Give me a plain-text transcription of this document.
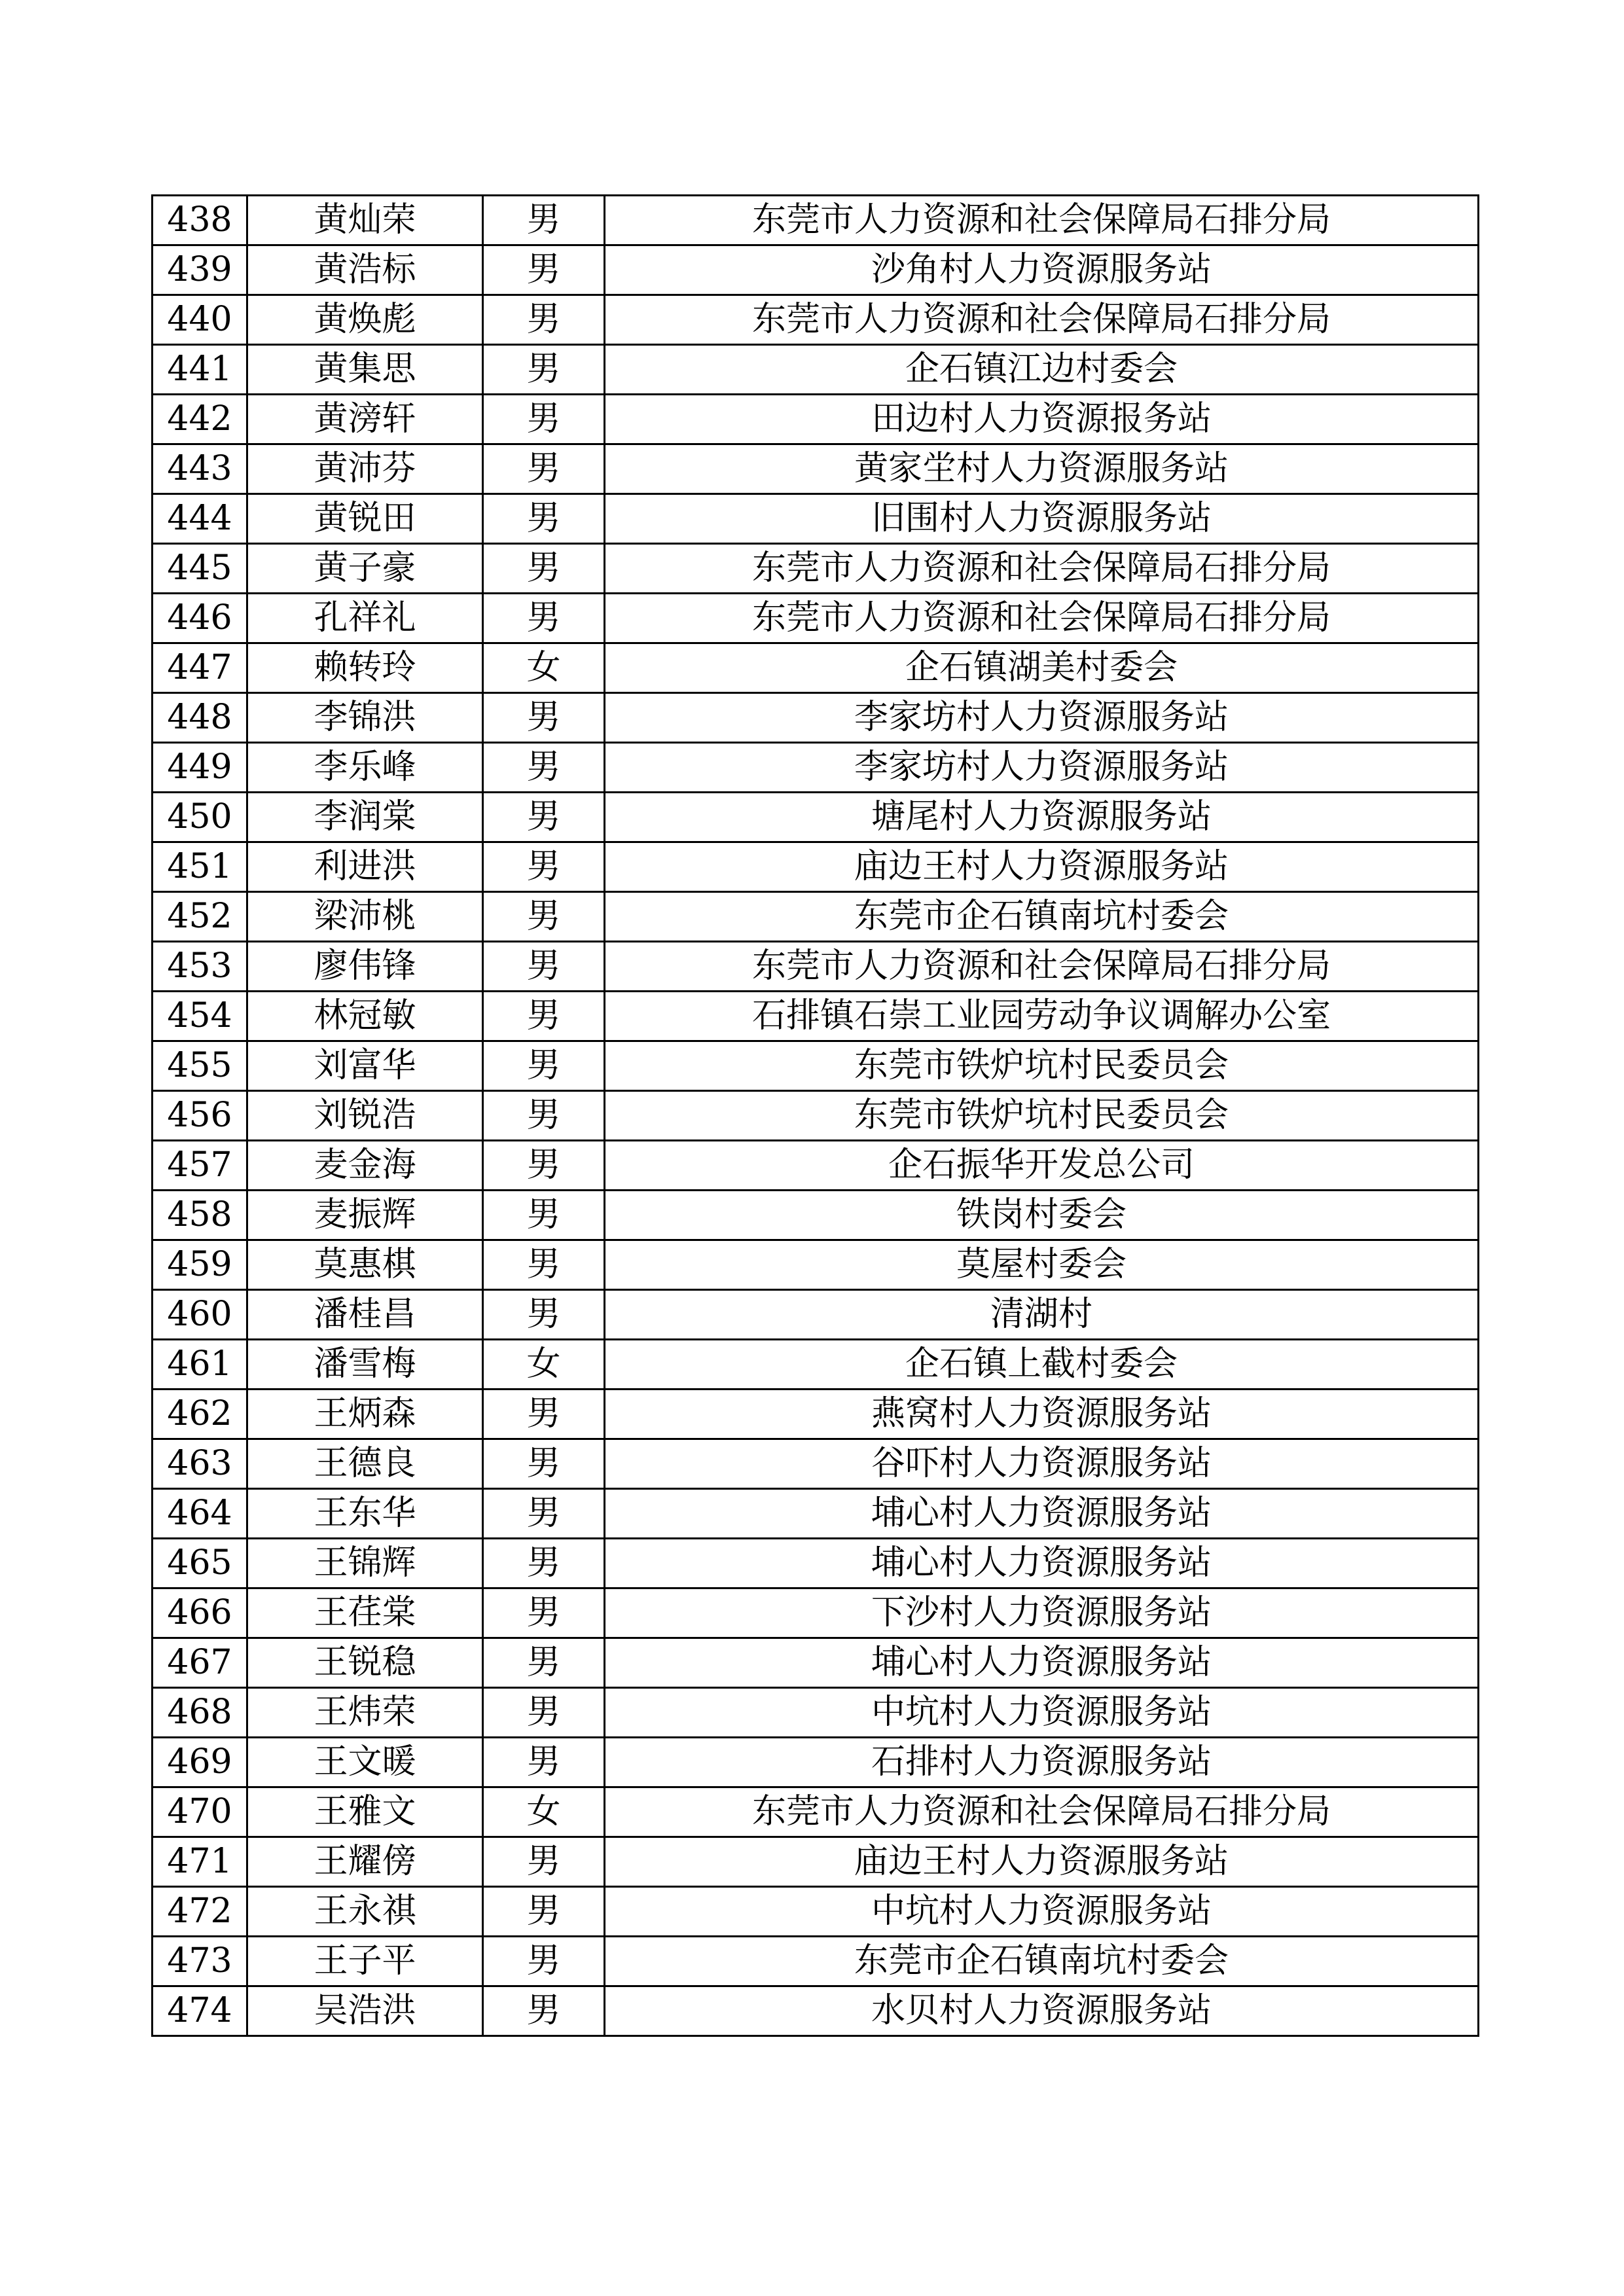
438	黄灿荣	男	东莞市人力资源和社会保障局石排分局
439	黄浩标	男	沙角村人力资源服务站
440	黄焕彪	男	东莞市人力资源和社会保障局石排分局
441	黄集思	男	企石镇江边村委会
442	黄滂轩	男	田边村人力资源报务站
443	黄沛芬	男	黄家坣村人力资源服务站
444	黄锐田	男	旧围村人力资源服务站
445	黄子豪	男	东莞市人力资源和社会保障局石排分局
446	孔祥礼	男	东莞市人力资源和社会保障局石排分局
447	赖转玲	女	企石镇湖美村委会
448	李锦洪	男	李家坊村人力资源服务站
449	李乐峰	男	李家坊村人力资源服务站
450	李润棠	男	塘尾村人力资源服务站
451	利进洪	男	庙边王村人力资源服务站
452	梁沛桃	男	东莞市企石镇南坑村委会
453	廖伟锋	男	东莞市人力资源和社会保障局石排分局
454	林冠敏	男	石排镇石崇工业园劳动争议调解办公室
455	刘富华	男	东莞市铁炉坑村民委员会
456	刘锐浩	男	东莞市铁炉坑村民委员会
457	麦金海	男	企石振华开发总公司
458	麦振辉	男	铁岗村委会
459	莫惠棋	男	莫屋村委会
460	潘桂昌	男	清湖村
461	潘雪梅	女	企石镇上截村委会
462	王炳森	男	燕窝村人力资源服务站
463	王德良	男	谷吓村人力资源服务站
464	王东华	男	埔心村人力资源服务站
465	王锦辉	男	埔心村人力资源服务站
466	王荏棠	男	下沙村人力资源服务站
467	王锐稳	男	埔心村人力资源服务站
468	王炜荣	男	中坑村人力资源服务站
469	王文暖	男	石排村人力资源服务站
470	王雅文	女	东莞市人力资源和社会保障局石排分局
471	王耀傍	男	庙边王村人力资源服务站
472	王永祺	男	中坑村人力资源服务站
473	王子平	男	东莞市企石镇南坑村委会
474	吴浩洪	男	水贝村人力资源服务站
